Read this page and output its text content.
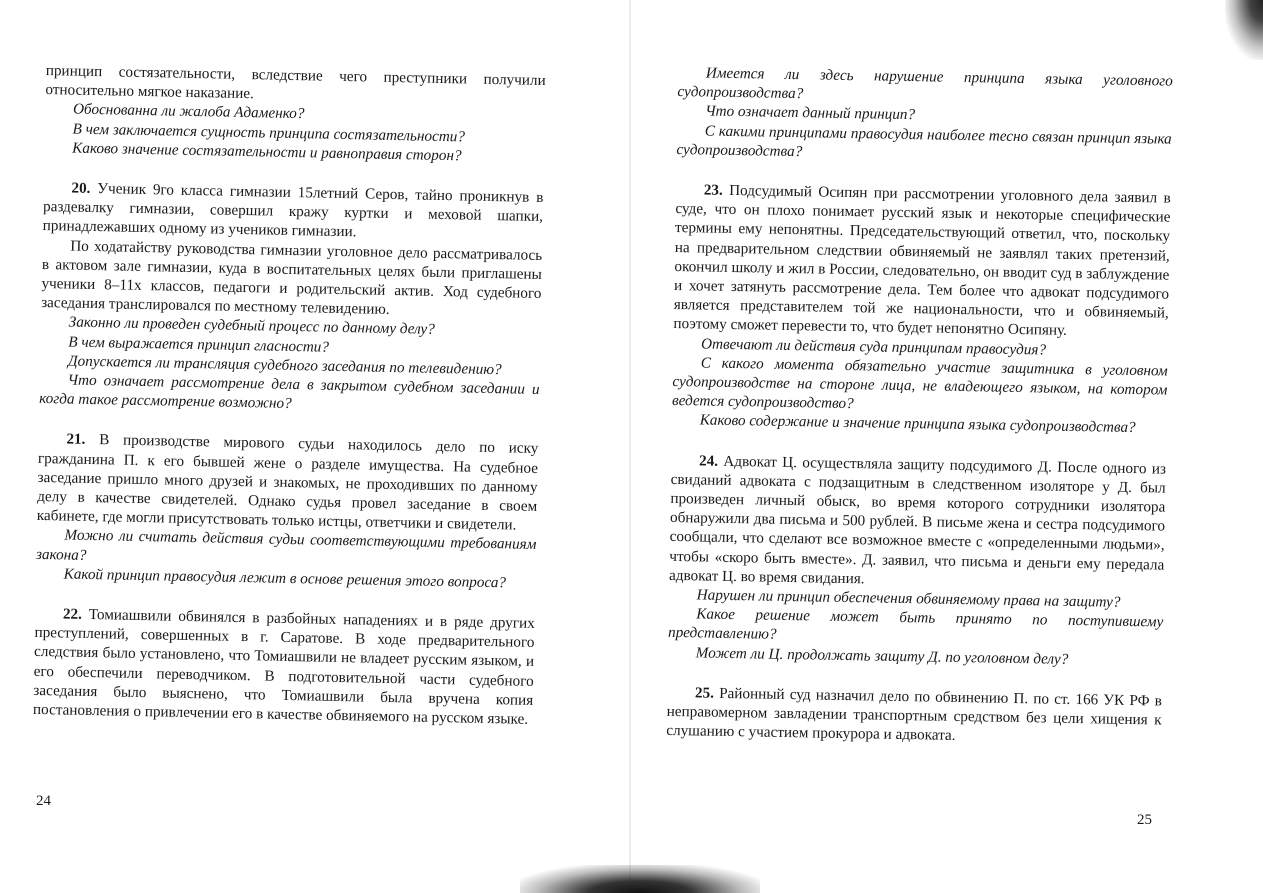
принцип состязательности, вследствие чего преступники получили относительно мягкое наказание.

Обоснованна ли жалоба Адаменко?

В чем заключается сущность принципа состязательности?

Каково значение состязательности и равноправия сторон?

20. Ученик 9го класса гимназии 15летний Серов, тайно проникнув в раздевалку гимназии, совершил кражу куртки и меховой шапки, принадлежавших одному из учеников гимназии.

По ходатайству руководства гимназии уголовное дело рассматривалось в актовом зале гимназии, куда в воспитательных целях были приглашены ученики 8–11х классов, педагоги и родительский актив. Ход судебного заседания транслировался по местному телевидению.

Законно ли проведен судебный процесс по данному делу?

В чем выражается принцип гласности?

Допускается ли трансляция судебного заседания по телевидению?

Что означает рассмотрение дела в закрытом судебном заседании и когда такое рассмотрение возможно?

21. В производстве мирового судьи находилось дело по иску гражданина П. к его бывшей жене о разделе имущества. На судебное заседание пришло много друзей и знакомых, не проходивших по данному делу в качестве свидетелей. Однако судья провел заседание в своем кабинете, где могли присутствовать только истцы, ответчики и свидетели.

Можно ли считать действия судьи соответствующими требованиям закона?

Какой принцип правосудия лежит в основе решения этого вопроса?

22. Томиашвили обвинялся в разбойных нападениях и в ряде других преступлений, совершенных в г. Саратове. В ходе предварительного следствия было установлено, что Томиашвили не владеет русским языком, и его обеспечили переводчиком. В подготовительной части судебного заседания было выяснено, что Томиашвили была вручена копия постановления о привлечении его в качестве обвиняемого на русском языке.

24

Имеется ли здесь нарушение принципа языка уголовного судопроизводства?

Что означает данный принцип?

С какими принципами правосудия наиболее тесно связан принцип языка судопроизводства?

23. Подсудимый Осипян при рассмотрении уголовного дела заявил в суде, что он плохо понимает русский язык и некоторые специфические термины ему непонятны. Председательствующий ответил, что, поскольку на предварительном следствии обвиняемый не заявлял таких претензий, окончил школу и жил в России, следовательно, он вводит суд в заблуждение и хочет затянуть рассмотрение дела. Тем более что адвокат подсудимого является представителем той же национальности, что и обвиняемый, поэтому сможет перевести то, что будет непонятно Осипяну.

Отвечают ли действия суда принципам правосудия?

С какого момента обязательно участие защитника в уголовном судопроизводстве на стороне лица, не владеющего языком, на котором ведется судопроизводство?

Каково содержание и значение принципа языка судопроизводства?

24. Адвокат Ц. осуществляла защиту подсудимого Д. После одного из свиданий адвоката с подзащитным в следственном изоляторе у Д. был произведен личный обыск, во время которого сотрудники изолятора обнаружили два письма и 500 рублей. В письме жена и сестра подсудимого сообщали, что сделают все возможное вместе с «определенными людьми», чтобы «скоро быть вместе». Д. заявил, что письма и деньги ему передала адвокат Ц. во время свидания.

Нарушен ли принцип обеспечения обвиняемому права на защиту?

Какое решение может быть принято по поступившему представлению?

Может ли Ц. продолжать защиту Д. по уголовном делу?

25. Районный суд назначил дело по обвинению П. по ст. 166 УК РФ в неправомерном завладении транспортным средством без цели хищения к слушанию с участием прокурора и адвоката.

25
